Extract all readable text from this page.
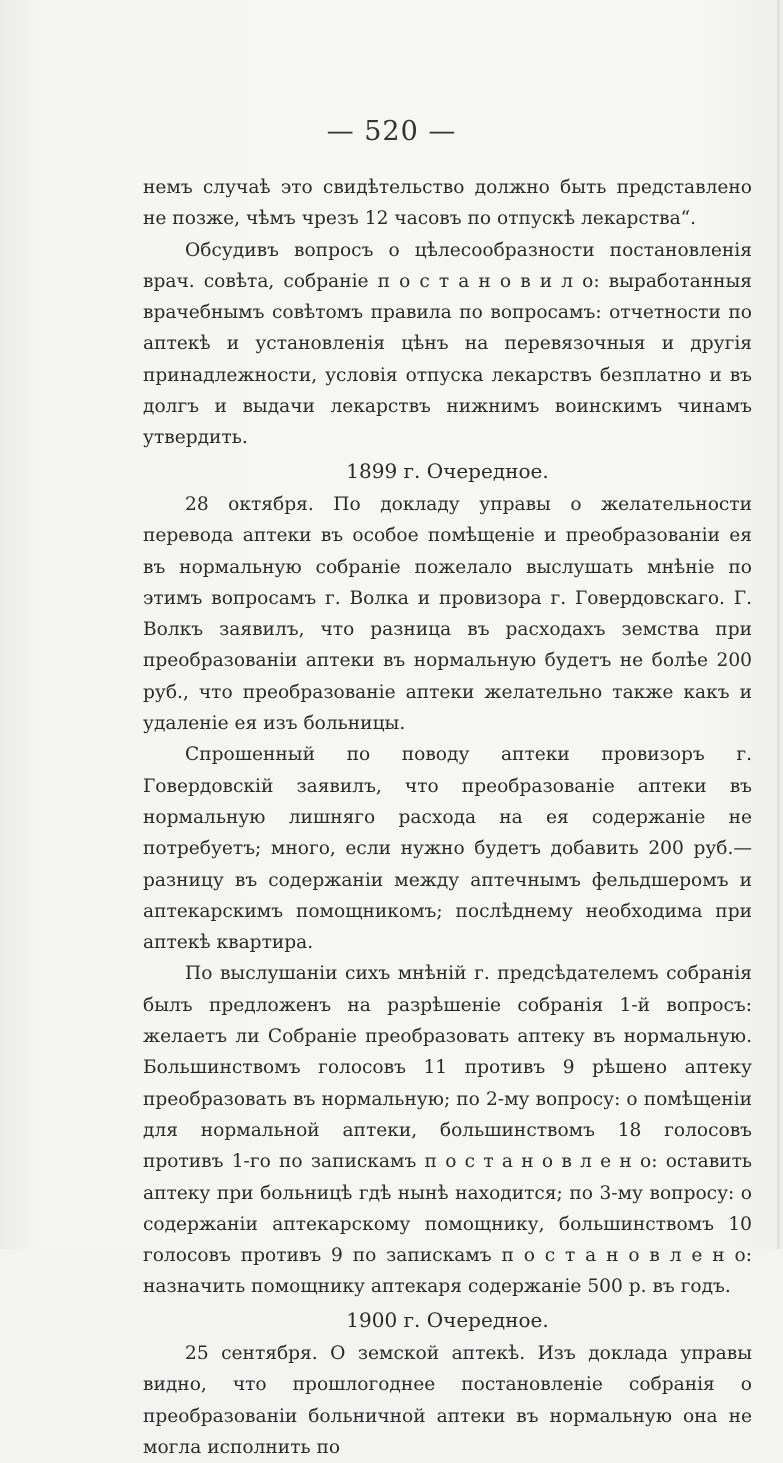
— 520 —

немъ случаѣ это свидѣтельство должно быть представлено не позже, чѣмъ чрезъ 12 часовъ по отпускѣ лекарства“.

Обсудивъ вопросъ о цѣлесообразности постановленія врач. совѣта, собраніе п о с т а н о в и л о: выработанныя врачебнымъ совѣтомъ правила по вопросамъ: отчетности по аптекѣ и установленія цѣнъ на перевязочныя и другія принадлежности, условія отпуска лекарствъ безплатно и въ долгъ и выдачи лекарствъ нижнимъ воинскимъ чинамъ утвердить.

1899 г. Очередное.

28 октября. По докладу управы о желательности перевода аптеки въ особое помѣщеніе и преобразованіи ея въ нормальную собраніе пожелало выслушать мнѣніе по этимъ вопросамъ г. Волка и провизора г. Говердовскаго. Г. Волкъ заявилъ, что разница въ расходахъ земства при преобразованіи аптеки въ нормальную будетъ не болѣе 200 руб., что преобразованіе аптеки желательно также какъ и удаленіе ея изъ больницы.

Спрошенный по поводу аптеки провизоръ г. Говердовскій заявилъ, что преобразованіе аптеки въ нормальную лишняго расхода на ея содержаніе не потребуетъ; много, если нужно будетъ добавить 200 руб.—разницу въ содержаніи между аптечнымъ фельдшеромъ и аптекарскимъ помощникомъ; послѣднему необходима при аптекѣ квартира.

По выслушаніи сихъ мнѣній г. предсѣдателемъ собранія былъ предложенъ на разрѣшеніе собранія 1-й вопросъ: желаетъ ли Собраніе преобразовать аптеку въ нормальную. Большинствомъ голосовъ 11 противъ 9 рѣшено аптеку преобразовать въ нормальную; по 2-му вопросу: о помѣщеніи для нормальной аптеки, большинствомъ 18 голосовъ противъ 1-го по запискамъ п о с т а н о в л е н о: оставить аптеку при больницѣ гдѣ нынѣ находится; по 3-му вопросу: о содержаніи аптекарскому помощнику, большинствомъ 10 голосовъ противъ 9 по запискамъ п о с т а н о в л е н о: назначить помощнику аптекаря содержаніе 500 р. въ годъ.

1900 г. Очередное.

25 сентября. О земской аптекѣ. Изъ доклада управы видно, что прошлогоднее постановленіе собранія о преобразованіи больничной аптеки въ нормальную она не могла исполнить по
